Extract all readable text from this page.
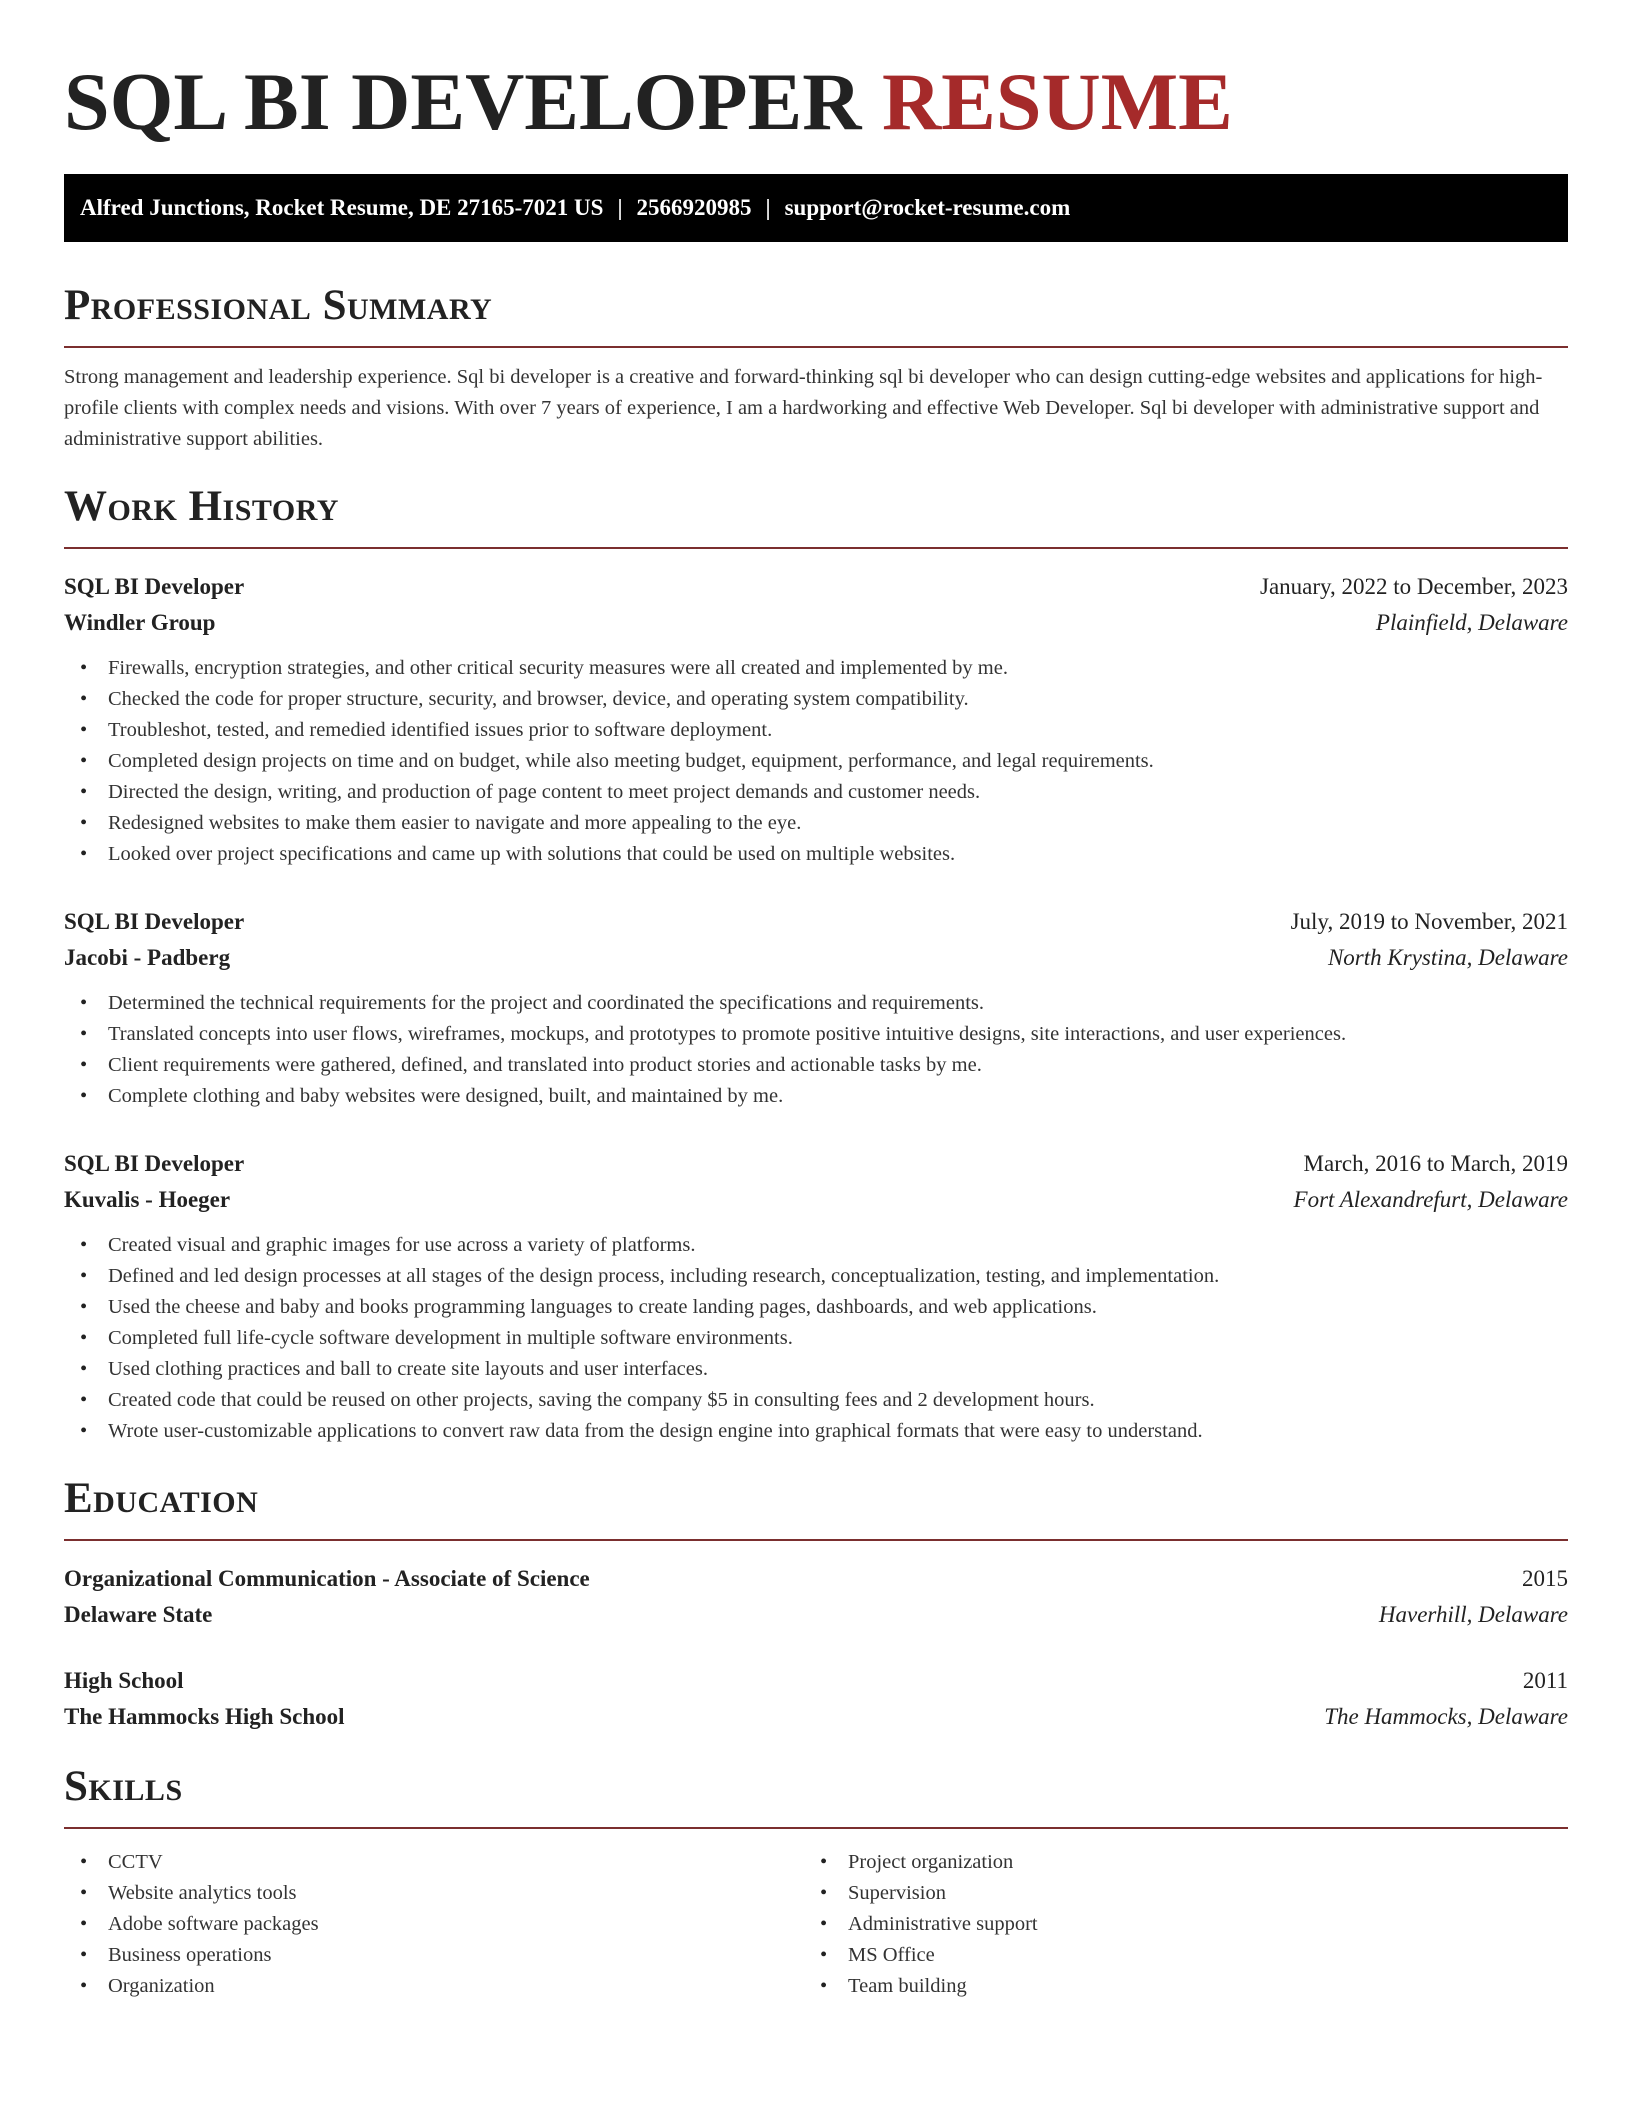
SQL BI DEVELOPER RESUME
Alfred Junctions, Rocket Resume, DE 27165-7021 US | 2566920985 | support@rocket-resume.com
Professional Summary

Strong management and leadership experience. Sql bi developer is a creative and forward-thinking sql bi developer who can design cutting-edge websites and applications for high-profile clients with complex needs and visions. With over 7 years of experience, I am a hardworking and effective Web Developer. Sql bi developer with administrative support and administrative support abilities.

Work History
SQL BI Developer	January, 2022 to December, 2023
Windler Group	Plainfield, Delaware
• Firewalls, encryption strategies, and other critical security measures were all created and implemented by me.
• Checked the code for proper structure, security, and browser, device, and operating system compatibility.
• Troubleshot, tested, and remedied identified issues prior to software deployment.
• Completed design projects on time and on budget, while also meeting budget, equipment, performance, and legal requirements.
• Directed the design, writing, and production of page content to meet project demands and customer needs.
• Redesigned websites to make them easier to navigate and more appealing to the eye.
• Looked over project specifications and came up with solutions that could be used on multiple websites.
SQL BI Developer	July, 2019 to November, 2021
Jacobi - Padberg	North Krystina, Delaware
• Determined the technical requirements for the project and coordinated the specifications and requirements.
• Translated concepts into user flows, wireframes, mockups, and prototypes to promote positive intuitive designs, site interactions, and user experiences.
• Client requirements were gathered, defined, and translated into product stories and actionable tasks by me.
• Complete clothing and baby websites were designed, built, and maintained by me.
SQL BI Developer	March, 2016 to March, 2019
Kuvalis - Hoeger	Fort Alexandrefurt, Delaware
• Created visual and graphic images for use across a variety of platforms.
• Defined and led design processes at all stages of the design process, including research, conceptualization, testing, and implementation.
• Used the cheese and baby and books programming languages to create landing pages, dashboards, and web applications.
• Completed full life-cycle software development in multiple software environments.
• Used clothing practices and ball to create site layouts and user interfaces.
• Created code that could be reused on other projects, saving the company $5 in consulting fees and 2 development hours.
• Wrote user-customizable applications to convert raw data from the design engine into graphical formats that were easy to understand.
Education
Organizational Communication - Associate of Science	2015
Delaware State	Haverhill, Delaware
High School	2011
The Hammocks High School	The Hammocks, Delaware
Skills
• CCTV
• Website analytics tools
• Adobe software packages
• Business operations
• Organization
• Project organization
• Supervision
• Administrative support
• MS Office
• Team building
